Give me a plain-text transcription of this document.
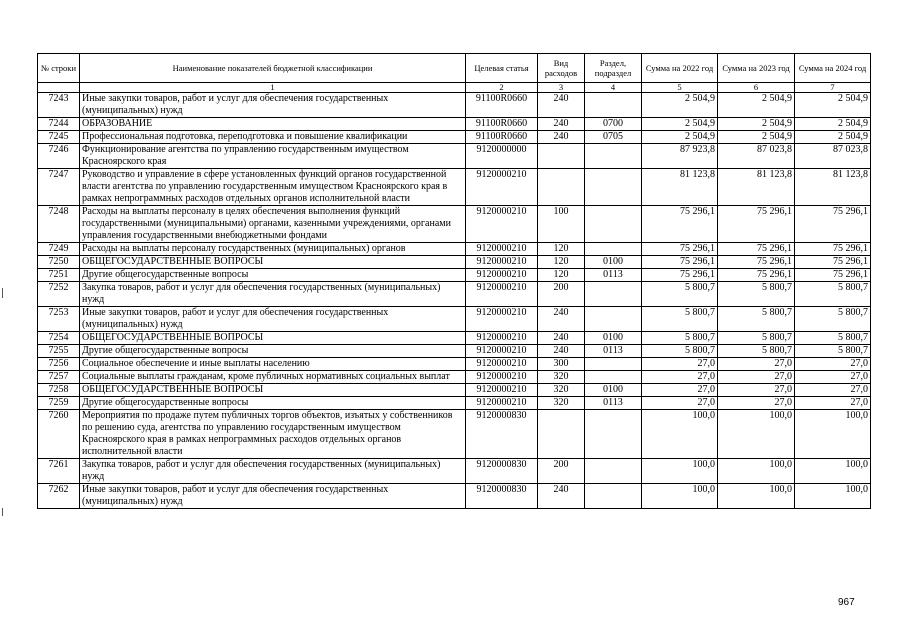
№ строки	Наименование показателей бюджетной классификации	Целевая статья	Вид расходов	Раздел, подраздел	Сумма на 2022 год	Сумма на 2023 год	Сумма на 2024 год
	1	2	3	4	5	6	7
7243	Иные закупки товаров, работ и услуг для обеспечения государственных (муниципальных) нужд	91100R0660	240		2 504,9	2 504,9	2 504,9
7244	ОБРАЗОВАНИЕ	91100R0660	240	0700	2 504,9	2 504,9	2 504,9
7245	Профессиональная подготовка, переподготовка и повышение квалификации	91100R0660	240	0705	2 504,9	2 504,9	2 504,9
7246	Функционирование агентства по управлению государственным имуществом Красноярского края	9120000000			87 923,8	87 023,8	87 023,8
7247	Руководство и управление в сфере установленных функций органов государственной власти агентства по управлению государственным имуществом Красноярского края в рамках непрограммных расходов отдельных органов исполнительной власти	9120000210			81 123,8	81 123,8	81 123,8
7248	Расходы на выплаты персоналу в целях обеспечения выполнения функций государственными (муниципальными) органами, казенными учреждениями, органами управления государственными внебюджетными фондами	9120000210	100		75 296,1	75 296,1	75 296,1
7249	Расходы на выплаты персоналу государственных (муниципальных) органов	9120000210	120		75 296,1	75 296,1	75 296,1
7250	ОБЩЕГОСУДАРСТВЕННЫЕ ВОПРОСЫ	9120000210	120	0100	75 296,1	75 296,1	75 296,1
7251	Другие общегосударственные вопросы	9120000210	120	0113	75 296,1	75 296,1	75 296,1
7252	Закупка товаров, работ и услуг для обеспечения государственных (муниципальных) нужд	9120000210	200		5 800,7	5 800,7	5 800,7
7253	Иные закупки товаров, работ и услуг для обеспечения государственных (муниципальных) нужд	9120000210	240		5 800,7	5 800,7	5 800,7
7254	ОБЩЕГОСУДАРСТВЕННЫЕ ВОПРОСЫ	9120000210	240	0100	5 800,7	5 800,7	5 800,7
7255	Другие общегосударственные вопросы	9120000210	240	0113	5 800,7	5 800,7	5 800,7
7256	Социальное обеспечение и иные выплаты населению	9120000210	300		27,0	27,0	27,0
7257	Социальные выплаты гражданам, кроме публичных нормативных социальных выплат	9120000210	320		27,0	27,0	27,0
7258	ОБЩЕГОСУДАРСТВЕННЫЕ ВОПРОСЫ	9120000210	320	0100	27,0	27,0	27,0
7259	Другие общегосударственные вопросы	9120000210	320	0113	27,0	27,0	27,0
7260	Мероприятия по продаже путем публичных торгов объектов, изъятых у собственников по решению суда, агентства по управлению государственным имуществом Красноярского края в рамках непрограммных расходов отдельных органов исполнительной власти	9120000830			100,0	100,0	100,0
7261	Закупка товаров, работ и услуг для обеспечения государственных (муниципальных) нужд	9120000830	200		100,0	100,0	100,0
7262	Иные закупки товаров, работ и услуг для обеспечения государственных (муниципальных) нужд	9120000830	240		100,0	100,0	100,0
967
